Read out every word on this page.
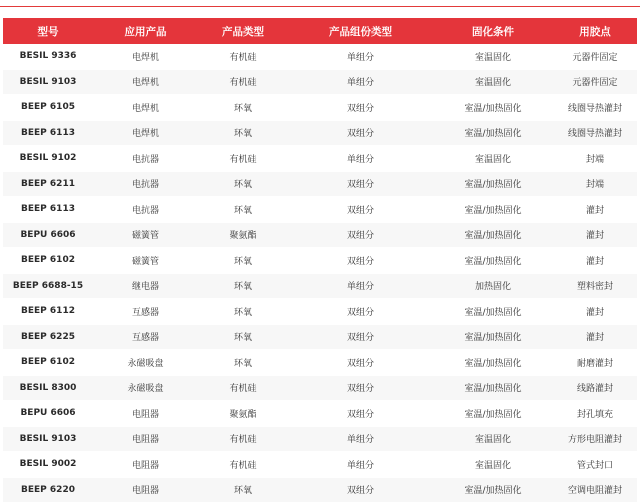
型号	应用产品	产品类型	产品组份类型	固化条件	用胶点
BESIL 9336	电焊机	有机硅	单组分	室温固化	元器件固定
BESIL 9103	电焊机	有机硅	单组分	室温固化	元器件固定
BEEP 6105	电焊机	环氧	双组分	室温/加热固化	线圈导热灌封
BEEP 6113	电焊机	环氧	双组分	室温/加热固化	线圈导热灌封
BESIL 9102	电抗器	有机硅	单组分	室温固化	封端
BEEP 6211	电抗器	环氧	双组分	室温/加热固化	封端
BEEP 6113	电抗器	环氧	双组分	室温/加热固化	灌封
BEPU 6606	磁簧管	聚氨酯	双组分	室温/加热固化	灌封
BEEP 6102	磁簧管	环氧	双组分	室温/加热固化	灌封
BEEP 6688-15	继电器	环氧	单组分	加热固化	塑料密封
BEEP 6112	互感器	环氧	双组分	室温/加热固化	灌封
BEEP 6225	互感器	环氧	双组分	室温/加热固化	灌封
BEEP 6102	永磁吸盘	环氧	双组分	室温/加热固化	耐磨灌封
BESIL 8300	永磁吸盘	有机硅	双组分	室温/加热固化	线路灌封
BEPU 6606	电阻器	聚氨酯	双组分	室温/加热固化	封孔填充
BESIL 9103	电阻器	有机硅	单组分	室温固化	方形电阻灌封
BESIL 9002	电阻器	有机硅	单组分	室温固化	管式封口
BEEP 6220	电阻器	环氧	双组分	室温/加热固化	空调电阻灌封
